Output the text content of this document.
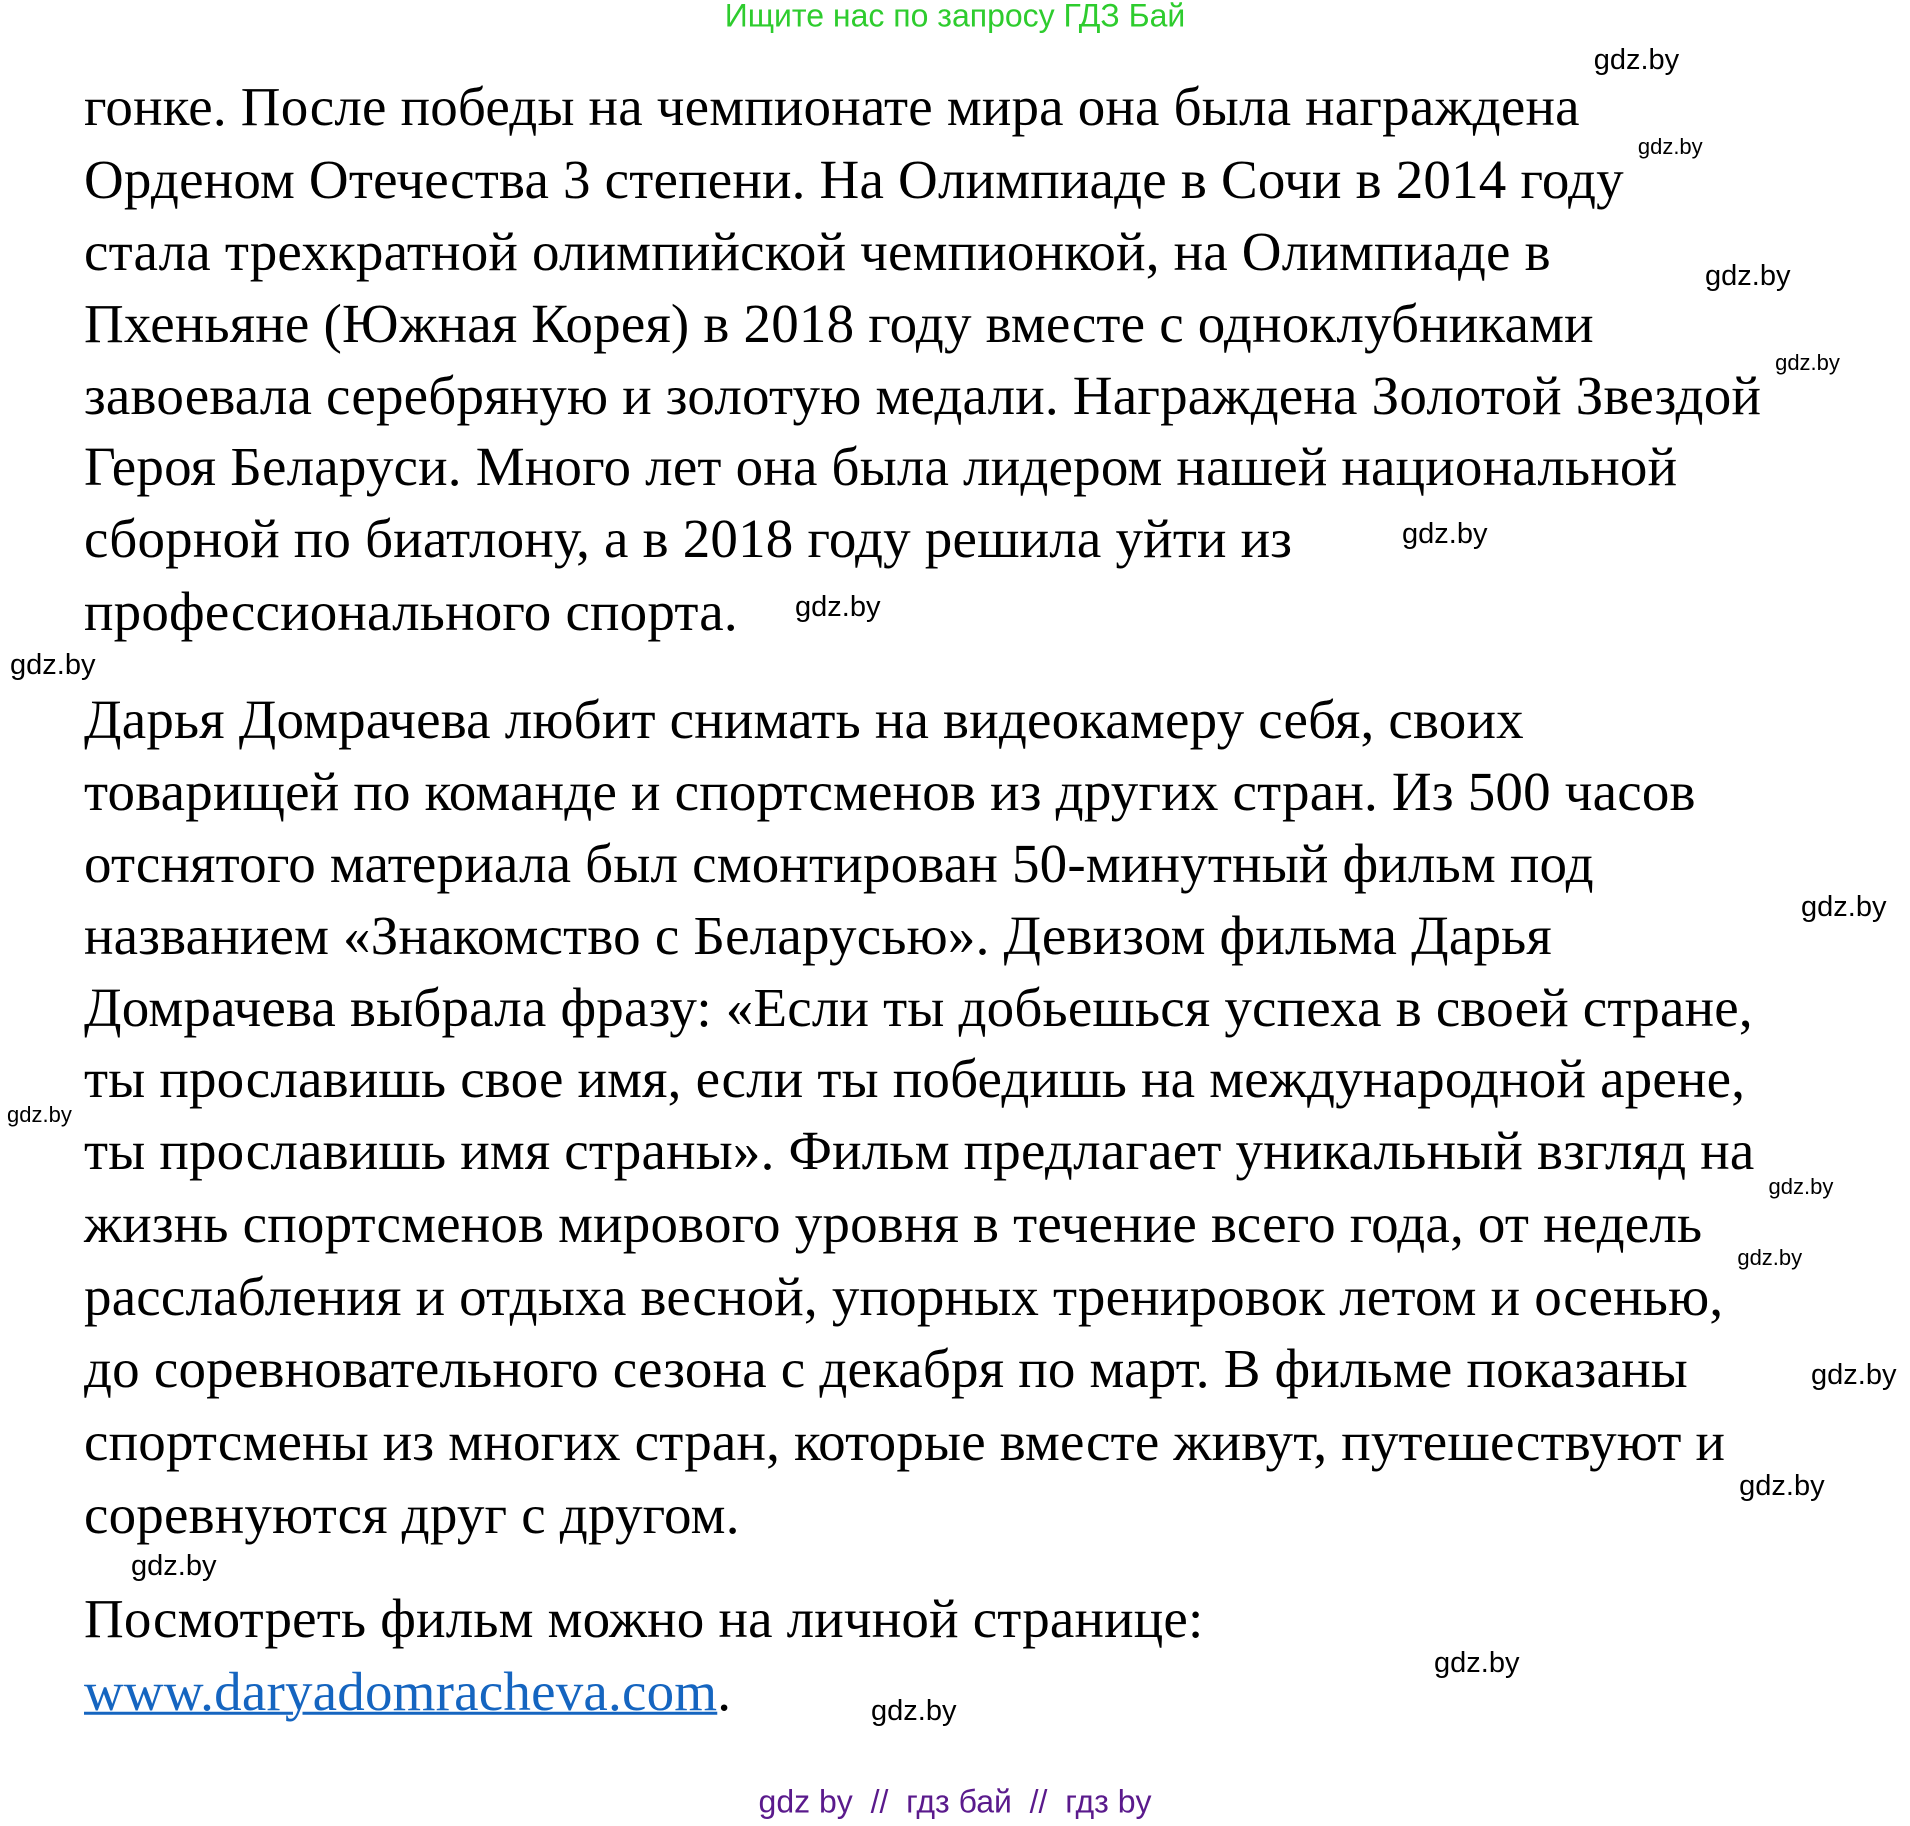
Ищите нас по запросу ГДЗ Бай
гонке. После победы на чемпионате мира она была награждена
Орденом Отечества 3 степени. На Олимпиаде в Сочи в 2014 году
стала трехкратной олимпийской чемпионкой, на Олимпиаде в
Пхеньяне (Южная Корея) в 2018 году вместе с одноклубниками
завоевала серебряную и золотую медали. Награждена Золотой Звездой
Героя Беларуси. Много лет она была лидером нашей национальной
сборной по биатлону, а в 2018 году решила уйти из
профессионального спорта.
Дарья Домрачева любит снимать на видеокамеру себя, своих
товарищей по команде и спортсменов из других стран. Из 500 часов
отснятого материала был смонтирован 50-минутный фильм под
названием «Знакомство с Беларусью». Девизом фильма Дарья
Домрачева выбрала фразу: «Если ты добьешься успеха в своей стране,
ты прославишь свое имя, если ты победишь на международной арене,
ты прославишь имя страны». Фильм предлагает уникальный взгляд на
жизнь спортсменов мирового уровня в течение всего года, от недель
расслабления и отдыха весной, упорных тренировок летом и осенью,
до соревновательного сезона с декабря по март. В фильме показаны
спортсмены из многих стран, которые вместе живут, путешествуют и
соревнуются друг с другом.
Посмотреть фильм можно на личной странице:
www.daryadomracheva.com.
gdz.by
gdz.by
gdz.by
gdz.by
gdz.by
gdz.by
gdz.by
gdz.by
gdz.by
gdz.by
gdz.by
gdz.by
gdz.by
gdz.by
gdz.by
gdz.by
gdz by  //  гдз бай  //  гдз by
